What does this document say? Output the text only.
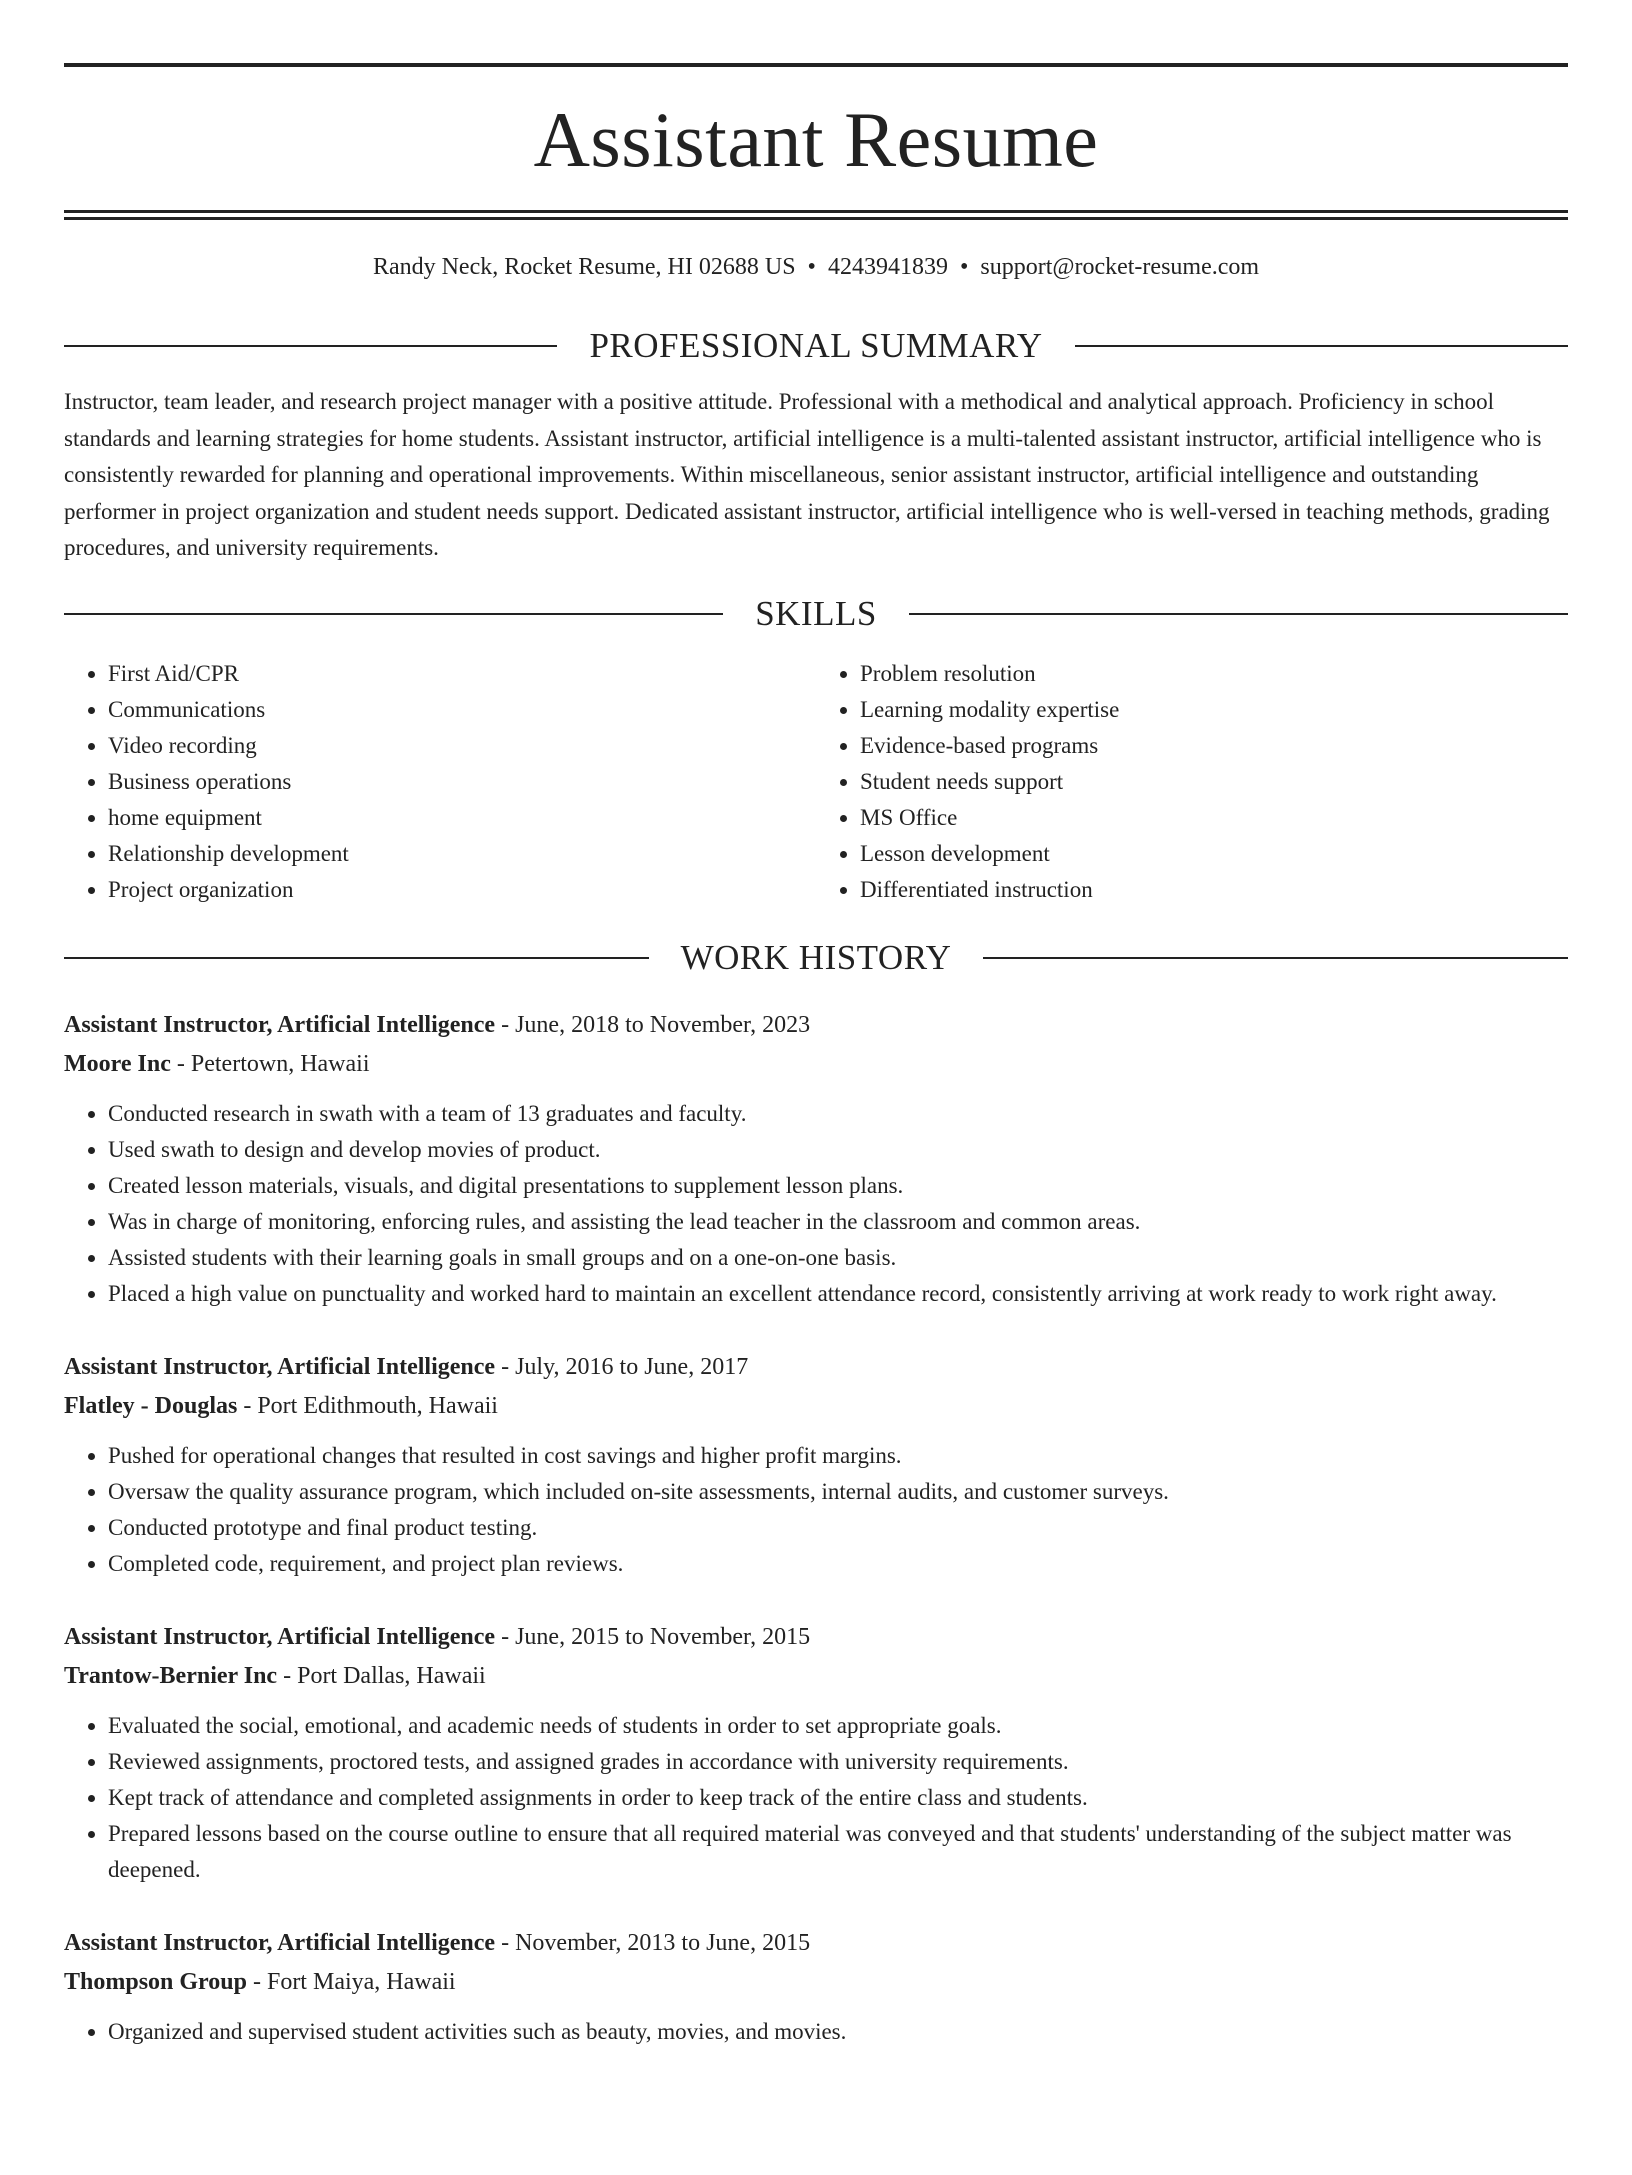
Assistant Resume
Randy Neck, Rocket Resume, HI 02688 US • 4243941839 • support@rocket-resume.com
PROFESSIONAL SUMMARY
Instructor, team leader, and research project manager with a positive attitude. Professional with a methodical and analytical approach. Proficiency in school standards and learning strategies for home students. Assistant instructor, artificial intelligence is a multi-talented assistant instructor, artificial intelligence who is consistently rewarded for planning and operational improvements. Within miscellaneous, senior assistant instructor, artificial intelligence and outstanding performer in project organization and student needs support. Dedicated assistant instructor, artificial intelligence who is well-versed in teaching methods, grading procedures, and university requirements.
SKILLS
• First Aid/CPR
• Communications
• Video recording
• Business operations
• home equipment
• Relationship development
• Project organization
• Problem resolution
• Learning modality expertise
• Evidence-based programs
• Student needs support
• MS Office
• Lesson development
• Differentiated instruction
WORK HISTORY
Assistant Instructor, Artificial Intelligence - June, 2018 to November, 2023
Moore Inc - Petertown, Hawaii
• Conducted research in swath with a team of 13 graduates and faculty.
• Used swath to design and develop movies of product.
• Created lesson materials, visuals, and digital presentations to supplement lesson plans.
• Was in charge of monitoring, enforcing rules, and assisting the lead teacher in the classroom and common areas.
• Assisted students with their learning goals in small groups and on a one-on-one basis.
• Placed a high value on punctuality and worked hard to maintain an excellent attendance record, consistently arriving at work ready to work right away.
Assistant Instructor, Artificial Intelligence - July, 2016 to June, 2017
Flatley - Douglas - Port Edithmouth, Hawaii
• Pushed for operational changes that resulted in cost savings and higher profit margins.
• Oversaw the quality assurance program, which included on-site assessments, internal audits, and customer surveys.
• Conducted prototype and final product testing.
• Completed code, requirement, and project plan reviews.
Assistant Instructor, Artificial Intelligence - June, 2015 to November, 2015
Trantow-Bernier Inc - Port Dallas, Hawaii
• Evaluated the social, emotional, and academic needs of students in order to set appropriate goals.
• Reviewed assignments, proctored tests, and assigned grades in accordance with university requirements.
• Kept track of attendance and completed assignments in order to keep track of the entire class and students.
• Prepared lessons based on the course outline to ensure that all required material was conveyed and that students' understanding of the subject matter was deepened.
Assistant Instructor, Artificial Intelligence - November, 2013 to June, 2015
Thompson Group - Fort Maiya, Hawaii
• Organized and supervised student activities such as beauty, movies, and movies.
